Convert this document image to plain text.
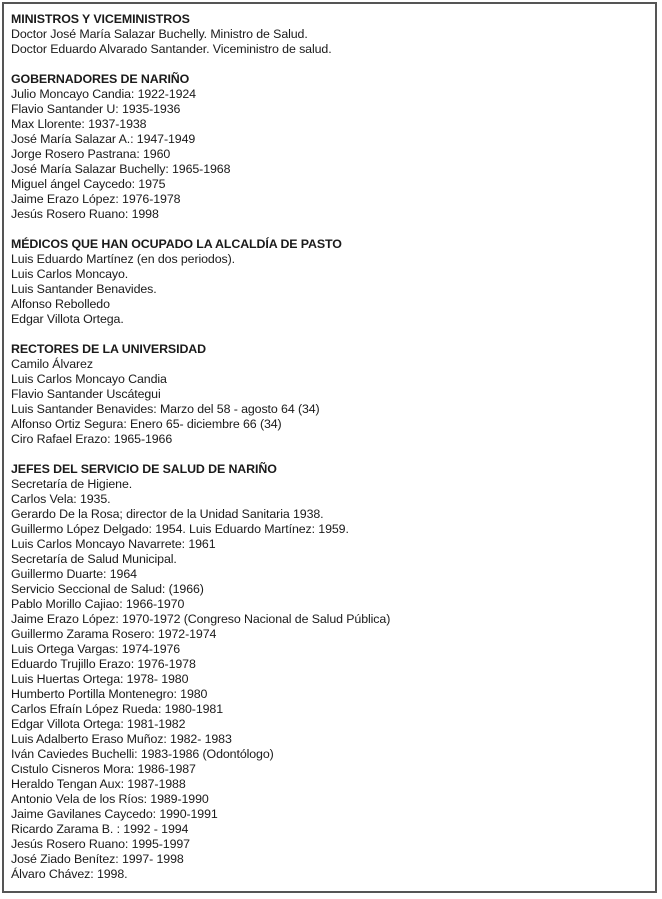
MINISTROS Y VICEMINISTROS
Doctor José María Salazar Buchelly. Ministro de Salud.
Doctor Eduardo Alvarado Santander. Viceministro de salud.
GOBERNADORES DE NARIÑO
Julio Moncayo Candia: 1922-1924
Flavio Santander U: 1935-1936
Max Llorente: 1937-1938
José María Salazar A.: 1947-1949
Jorge Rosero Pastrana: 1960
José María Salazar Buchelly: 1965-1968
Miguel ángel Caycedo: 1975
Jaime Erazo López: 1976-1978
Jesús Rosero Ruano: 1998
MÉDICOS QUE HAN OCUPADO LA ALCALDÍA DE PASTO
Luis Eduardo Martínez (en dos periodos).
Luis Carlos Moncayo.
Luis Santander Benavides.
Alfonso Rebolledo
Edgar Villota Ortega.
RECTORES DE LA UNIVERSIDAD
Camilo Álvarez
Luis Carlos Moncayo Candia
Flavio Santander Uscátegui
Luis Santander Benavides: Marzo del 58 - agosto 64 (34)
Alfonso Ortiz Segura: Enero 65- diciembre 66 (34)
Ciro Rafael Erazo: 1965-1966
JEFES DEL SERVICIO DE SALUD DE NARIÑO
Secretaría de Higiene.
Carlos Vela: 1935.
Gerardo De la Rosa; director de la Unidad Sanitaria 1938.
Guillermo López Delgado: 1954. Luis Eduardo Martínez: 1959.
Luis Carlos Moncayo Navarrete: 1961
Secretaría de Salud Municipal.
Guillermo Duarte: 1964
Servicio Seccional de Salud: (1966)
Pablo Morillo Cajiao: 1966-1970
Jaime Erazo López: 1970-1972 (Congreso Nacional de Salud Pública)
Guillermo Zarama Rosero: 1972-1974
Luis Ortega Vargas: 1974-1976
Eduardo Trujillo Erazo: 1976-1978
Luis Huertas Ortega: 1978- 1980
Humberto Portilla Montenegro: 1980
Carlos Efraín López Rueda: 1980-1981
Edgar Villota Ortega: 1981-1982
Luis Adalberto Eraso Muñoz: 1982- 1983
Iván Caviedes Buchelli: 1983-1986 (Odontólogo)
Cιstulo Cisneros Mora: 1986-1987
Heraldo Tengan Aux: 1987-1988
Antonio Vela de los Ríos: 1989-1990
Jaime Gavilanes Caycedo: 1990-1991
Ricardo Zarama B. : 1992 - 1994
Jesús Rosero Ruano: 1995-1997
José Ziado Benítez: 1997- 1998
Álvaro Chávez: 1998.
